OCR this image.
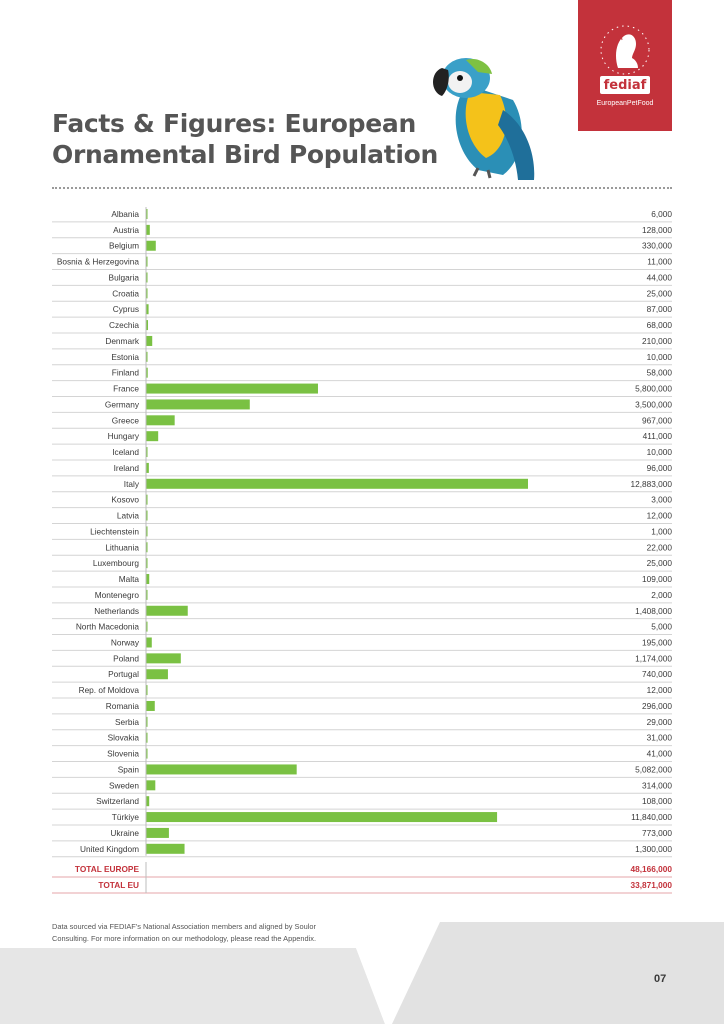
Facts & Figures: European
Ornamental Bird Population
fediaf
EuropeanPetFood
Albania	6,000
Austria	128,000
Belgium	330,000
Bosnia & Herzegovina	11,000
Bulgaria	44,000
Croatia	25,000
Cyprus	87,000
Czechia	68,000
Denmark	210,000
Estonia	10,000
Finland	58,000
France	5,800,000
Germany	3,500,000
Greece	967,000
Hungary	411,000
Iceland	10,000
Ireland	96,000
Italy	12,883,000
Kosovo	3,000
Latvia	12,000
Liechtenstein	1,000
Lithuania	22,000
Luxembourg	25,000
Malta	109,000
Montenegro	2,000
Netherlands	1,408,000
North Macedonia	5,000
Norway	195,000
Poland	1,174,000
Portugal	740,000
Rep. of Moldova	12,000
Romania	296,000
Serbia	29,000
Slovakia	31,000
Slovenia	41,000
Spain	5,082,000
Sweden	314,000
Switzerland	108,000
Türkiye	11,840,000
Ukraine	773,000
United Kingdom	1,300,000
TOTAL EUROPE	48,166,000
TOTAL EU	33,871,000
Data sourced via FEDIAF's National Association members and aligned by Soulor Consulting. For more information on our methodology, please read the Appendix.
07
